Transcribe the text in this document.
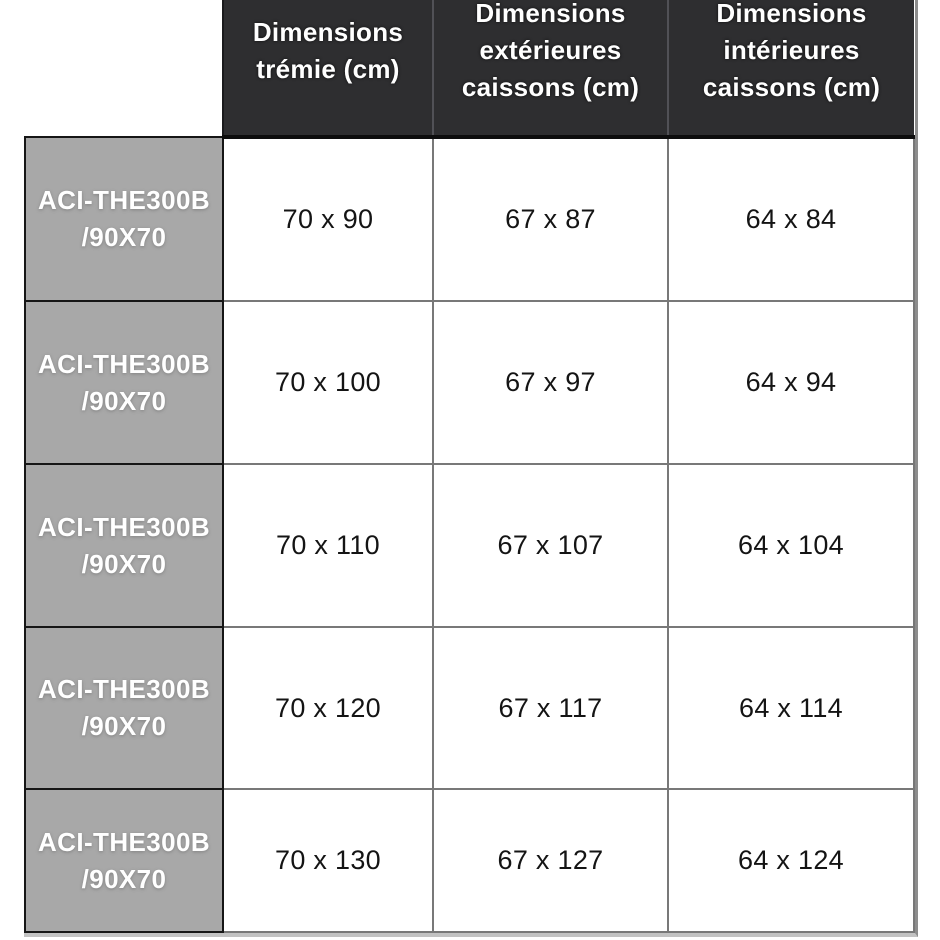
	Dimensions trémie (cm)	Dimensions extérieures caissons (cm)	Dimensions intérieures caissons (cm)
ACI-THE300B /90X70	70 x 90	67 x 87	64 x 84
ACI-THE300B /90X70	70 x 100	67 x 97	64 x 94
ACI-THE300B /90X70	70 x 110	67 x 107	64 x 104
ACI-THE300B /90X70	70 x 120	67 x 117	64 x 114
ACI-THE300B /90X70	70 x 130	67 x 127	64 x 124
